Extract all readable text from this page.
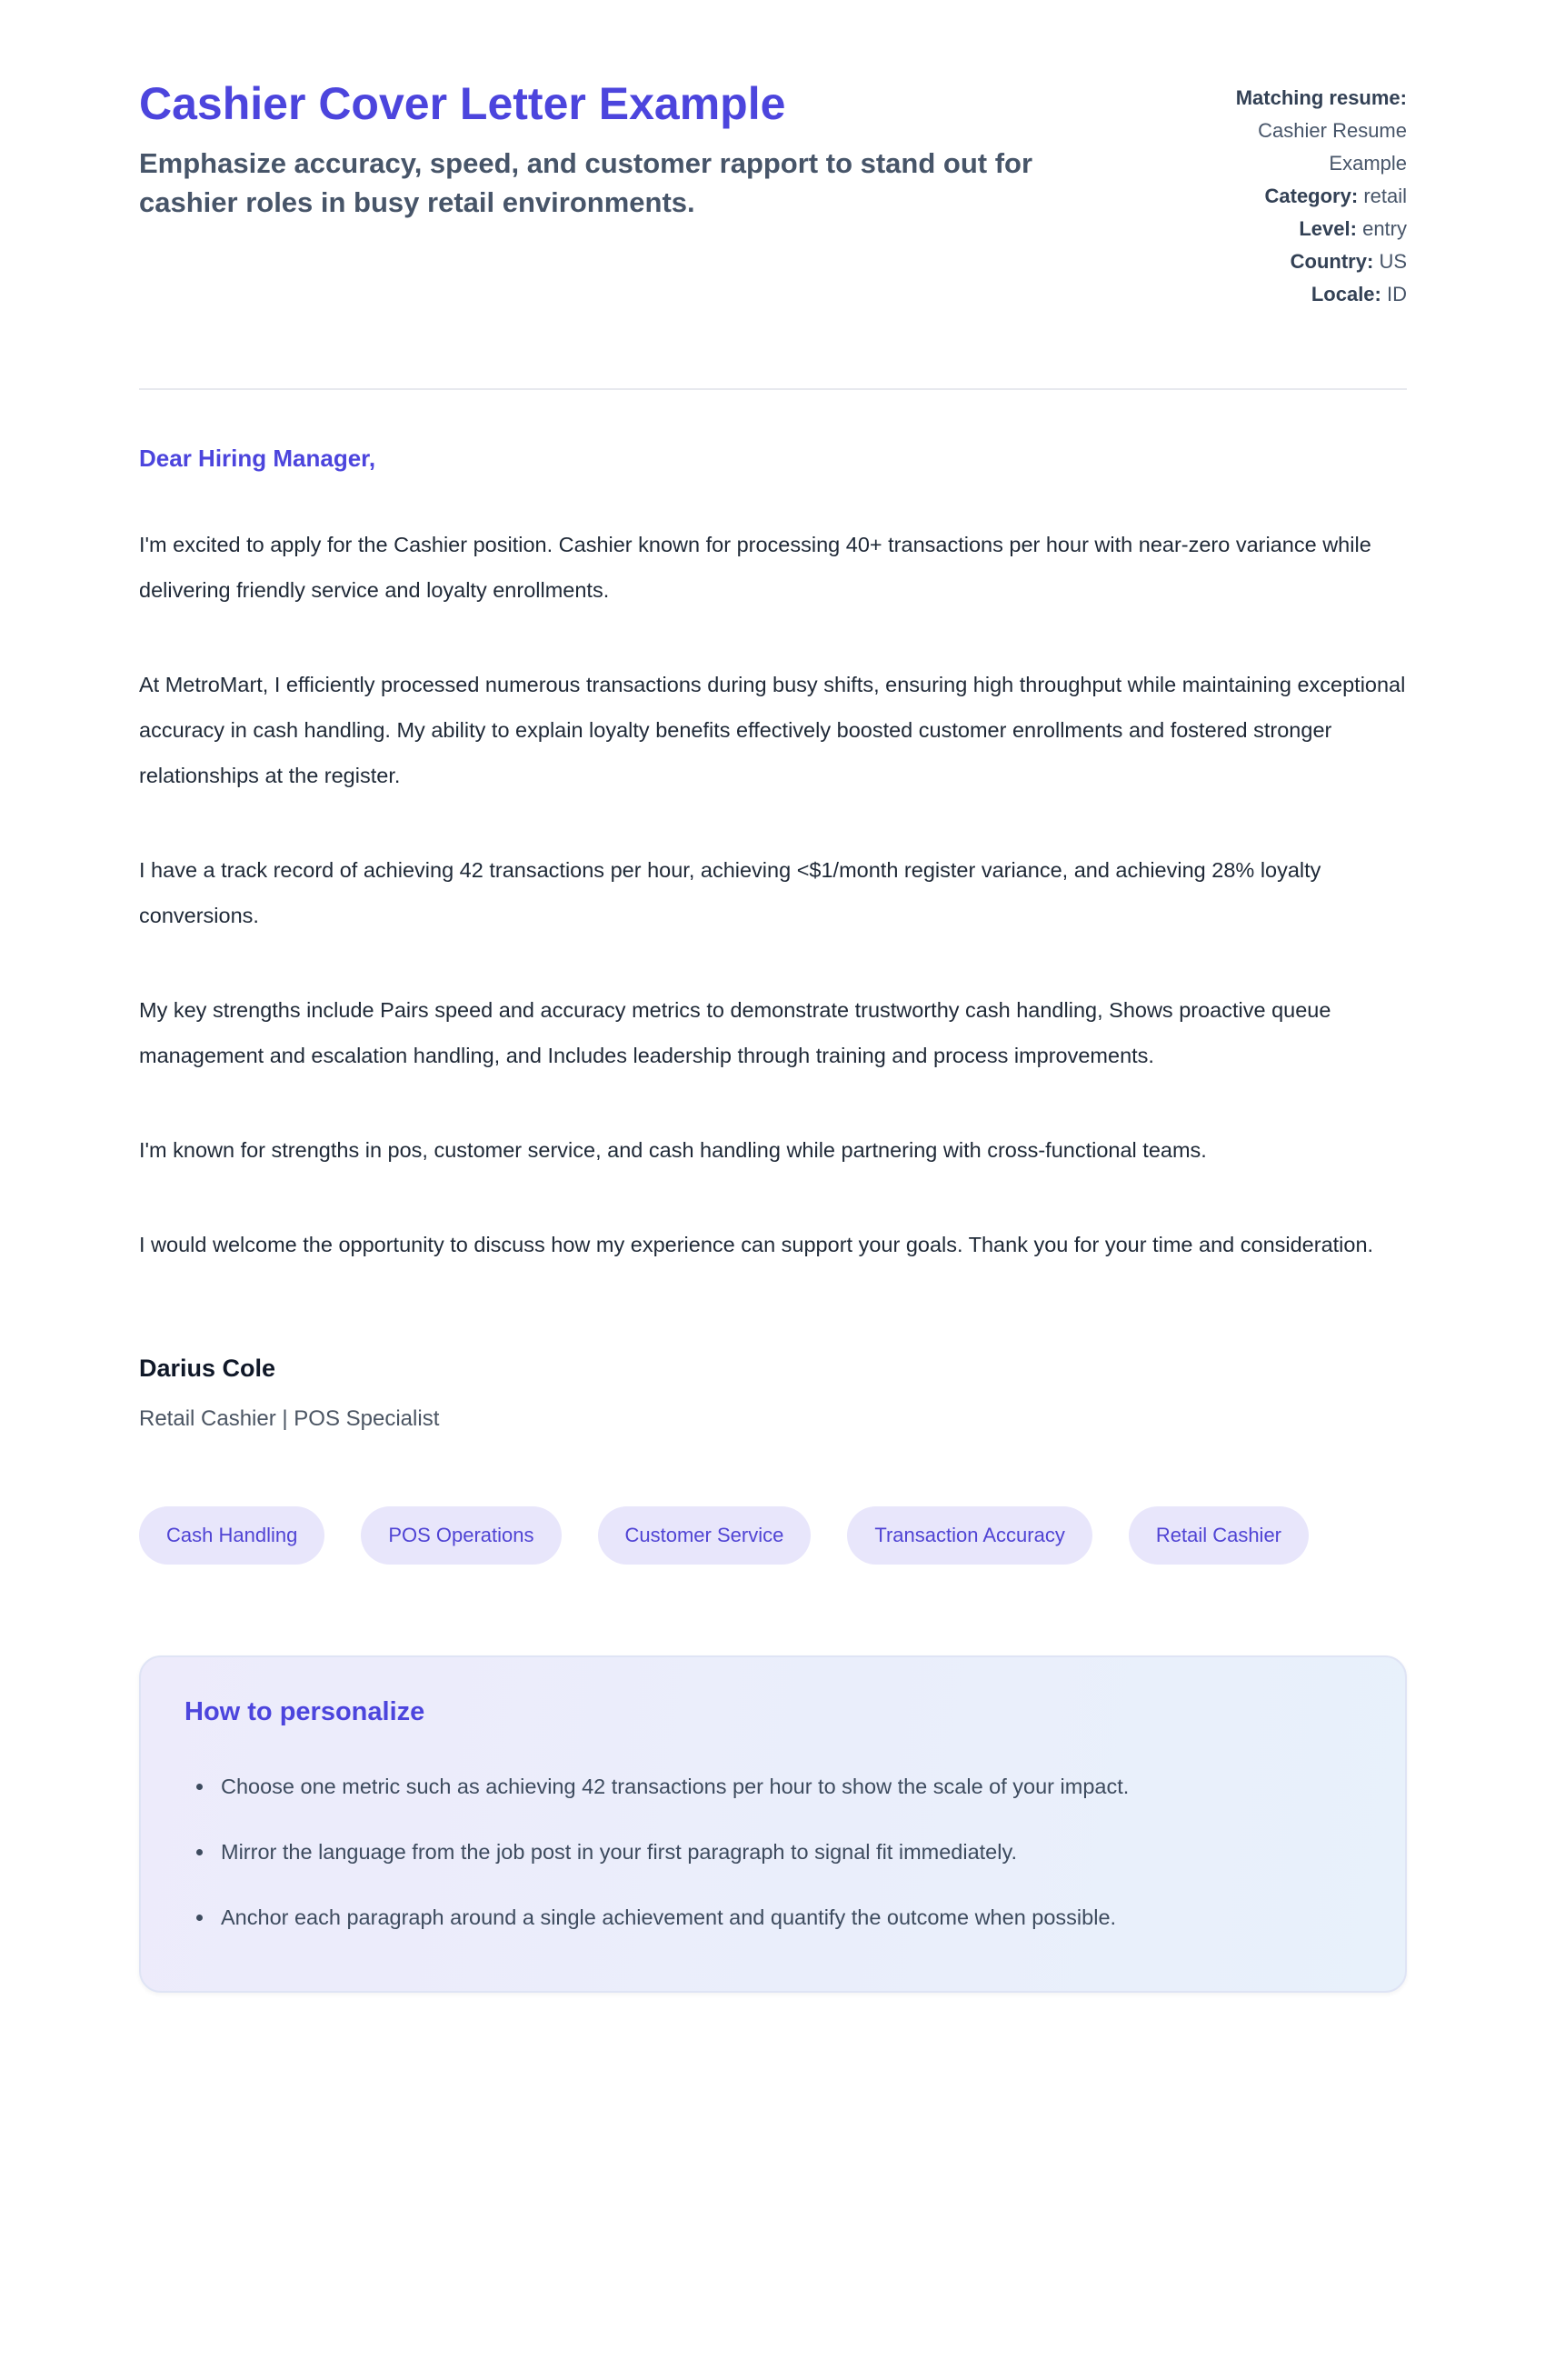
Cashier Cover Letter Example

Emphasize accuracy, speed, and customer rapport to stand out for cashier roles in busy retail environments.

Matching resume: Cashier Resume Example
Category: retail
Level: entry
Country: US
Locale: ID

Dear Hiring Manager,

I'm excited to apply for the Cashier position. Cashier known for processing 40+ transactions per hour with near-zero variance while delivering friendly service and loyalty enrollments.

At MetroMart, I efficiently processed numerous transactions during busy shifts, ensuring high throughput while maintaining exceptional accuracy in cash handling. My ability to explain loyalty benefits effectively boosted customer enrollments and fostered stronger relationships at the register.

I have a track record of achieving 42 transactions per hour, achieving <$1/month register variance, and achieving 28% loyalty conversions.

My key strengths include Pairs speed and accuracy metrics to demonstrate trustworthy cash handling, Shows proactive queue management and escalation handling, and Includes leadership through training and process improvements.

I'm known for strengths in pos, customer service, and cash handling while partnering with cross-functional teams.

I would welcome the opportunity to discuss how my experience can support your goals. Thank you for your time and consideration.

Darius Cole

Retail Cashier | POS Specialist

Cash Handling	POS Operations	Customer Service	Transaction Accuracy	Retail Cashier
How to personalize
• Choose one metric such as achieving 42 transactions per hour to show the scale of your impact.
• Mirror the language from the job post in your first paragraph to signal fit immediately.
• Anchor each paragraph around a single achievement and quantify the outcome when possible.
